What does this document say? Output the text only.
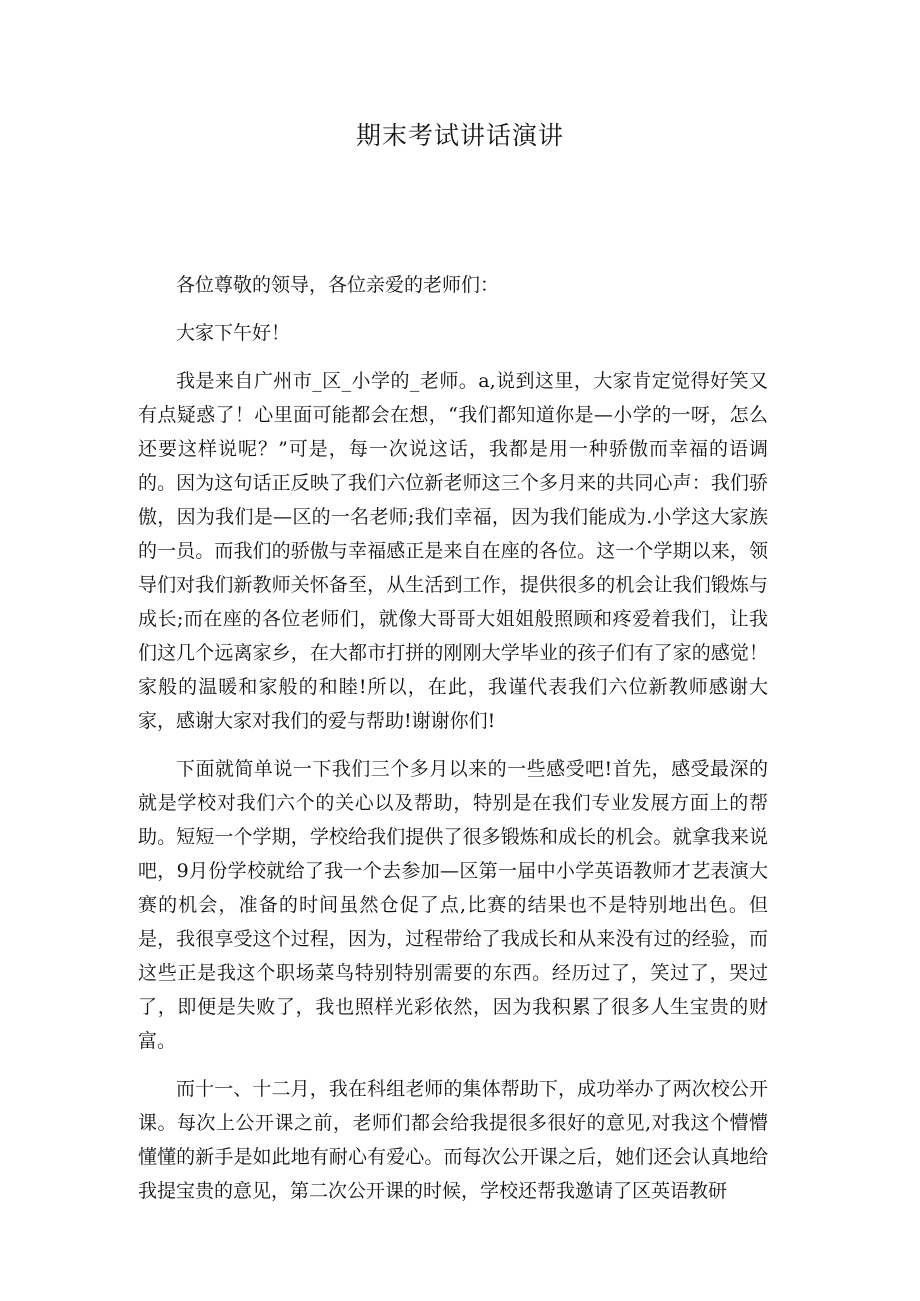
期末考试讲话演讲

各位尊敬的领导，各位亲爱的老师们：

大家下午好！

我是来自广州市_区_小学的_老师。a,说到这里，大家肯定觉得好笑又有点疑惑了！心里面可能都会在想，“我们都知道你是—小学的一呀，怎么还要这样说呢？”可是，每一次说这话，我都是用一种骄傲而幸福的语调的。因为这句话正反映了我们六位新老师这三个多月来的共同心声：我们骄傲，因为我们是—区的一名老师;我们幸福，因为我们能成为.小学这大家族的一员。而我们的骄傲与幸福感正是来自在座的各位。这一个学期以来，领导们对我们新教师关怀备至，从生活到工作，提供很多的机会让我们锻炼与成长;而在座的各位老师们，就像大哥哥大姐姐般照顾和疼爱着我们，让我们这几个远离家乡，在大都市打拼的刚刚大学毕业的孩子们有了家的感觉！家般的温暖和家般的和睦!所以，在此，我谨代表我们六位新教师感谢大家，感谢大家对我们的爱与帮助!谢谢你们!

下面就简单说一下我们三个多月以来的一些感受吧!首先，感受最深的就是学校对我们六个的关心以及帮助，特别是在我们专业发展方面上的帮助。短短一个学期，学校给我们提供了很多锻炼和成长的机会。就拿我来说吧，9月份学校就给了我一个去参加—区第一届中小学英语教师才艺表演大赛的机会，准备的时间虽然仓促了点,比赛的结果也不是特别地出色。但是，我很享受这个过程，因为，过程带给了我成长和从来没有过的经验，而这些正是我这个职场菜鸟特别特别需要的东西。经历过了，笑过了，哭过了，即便是失败了，我也照样光彩依然，因为我积累了很多人生宝贵的财富。

而十一、十二月，我在科组老师的集体帮助下，成功举办了两次校公开课。每次上公开课之前，老师们都会给我提很多很好的意见,对我这个懵懵懂懂的新手是如此地有耐心有爱心。而每次公开课之后，她们还会认真地给我提宝贵的意见，第二次公开课的时候，学校还帮我邀请了区英语教研
